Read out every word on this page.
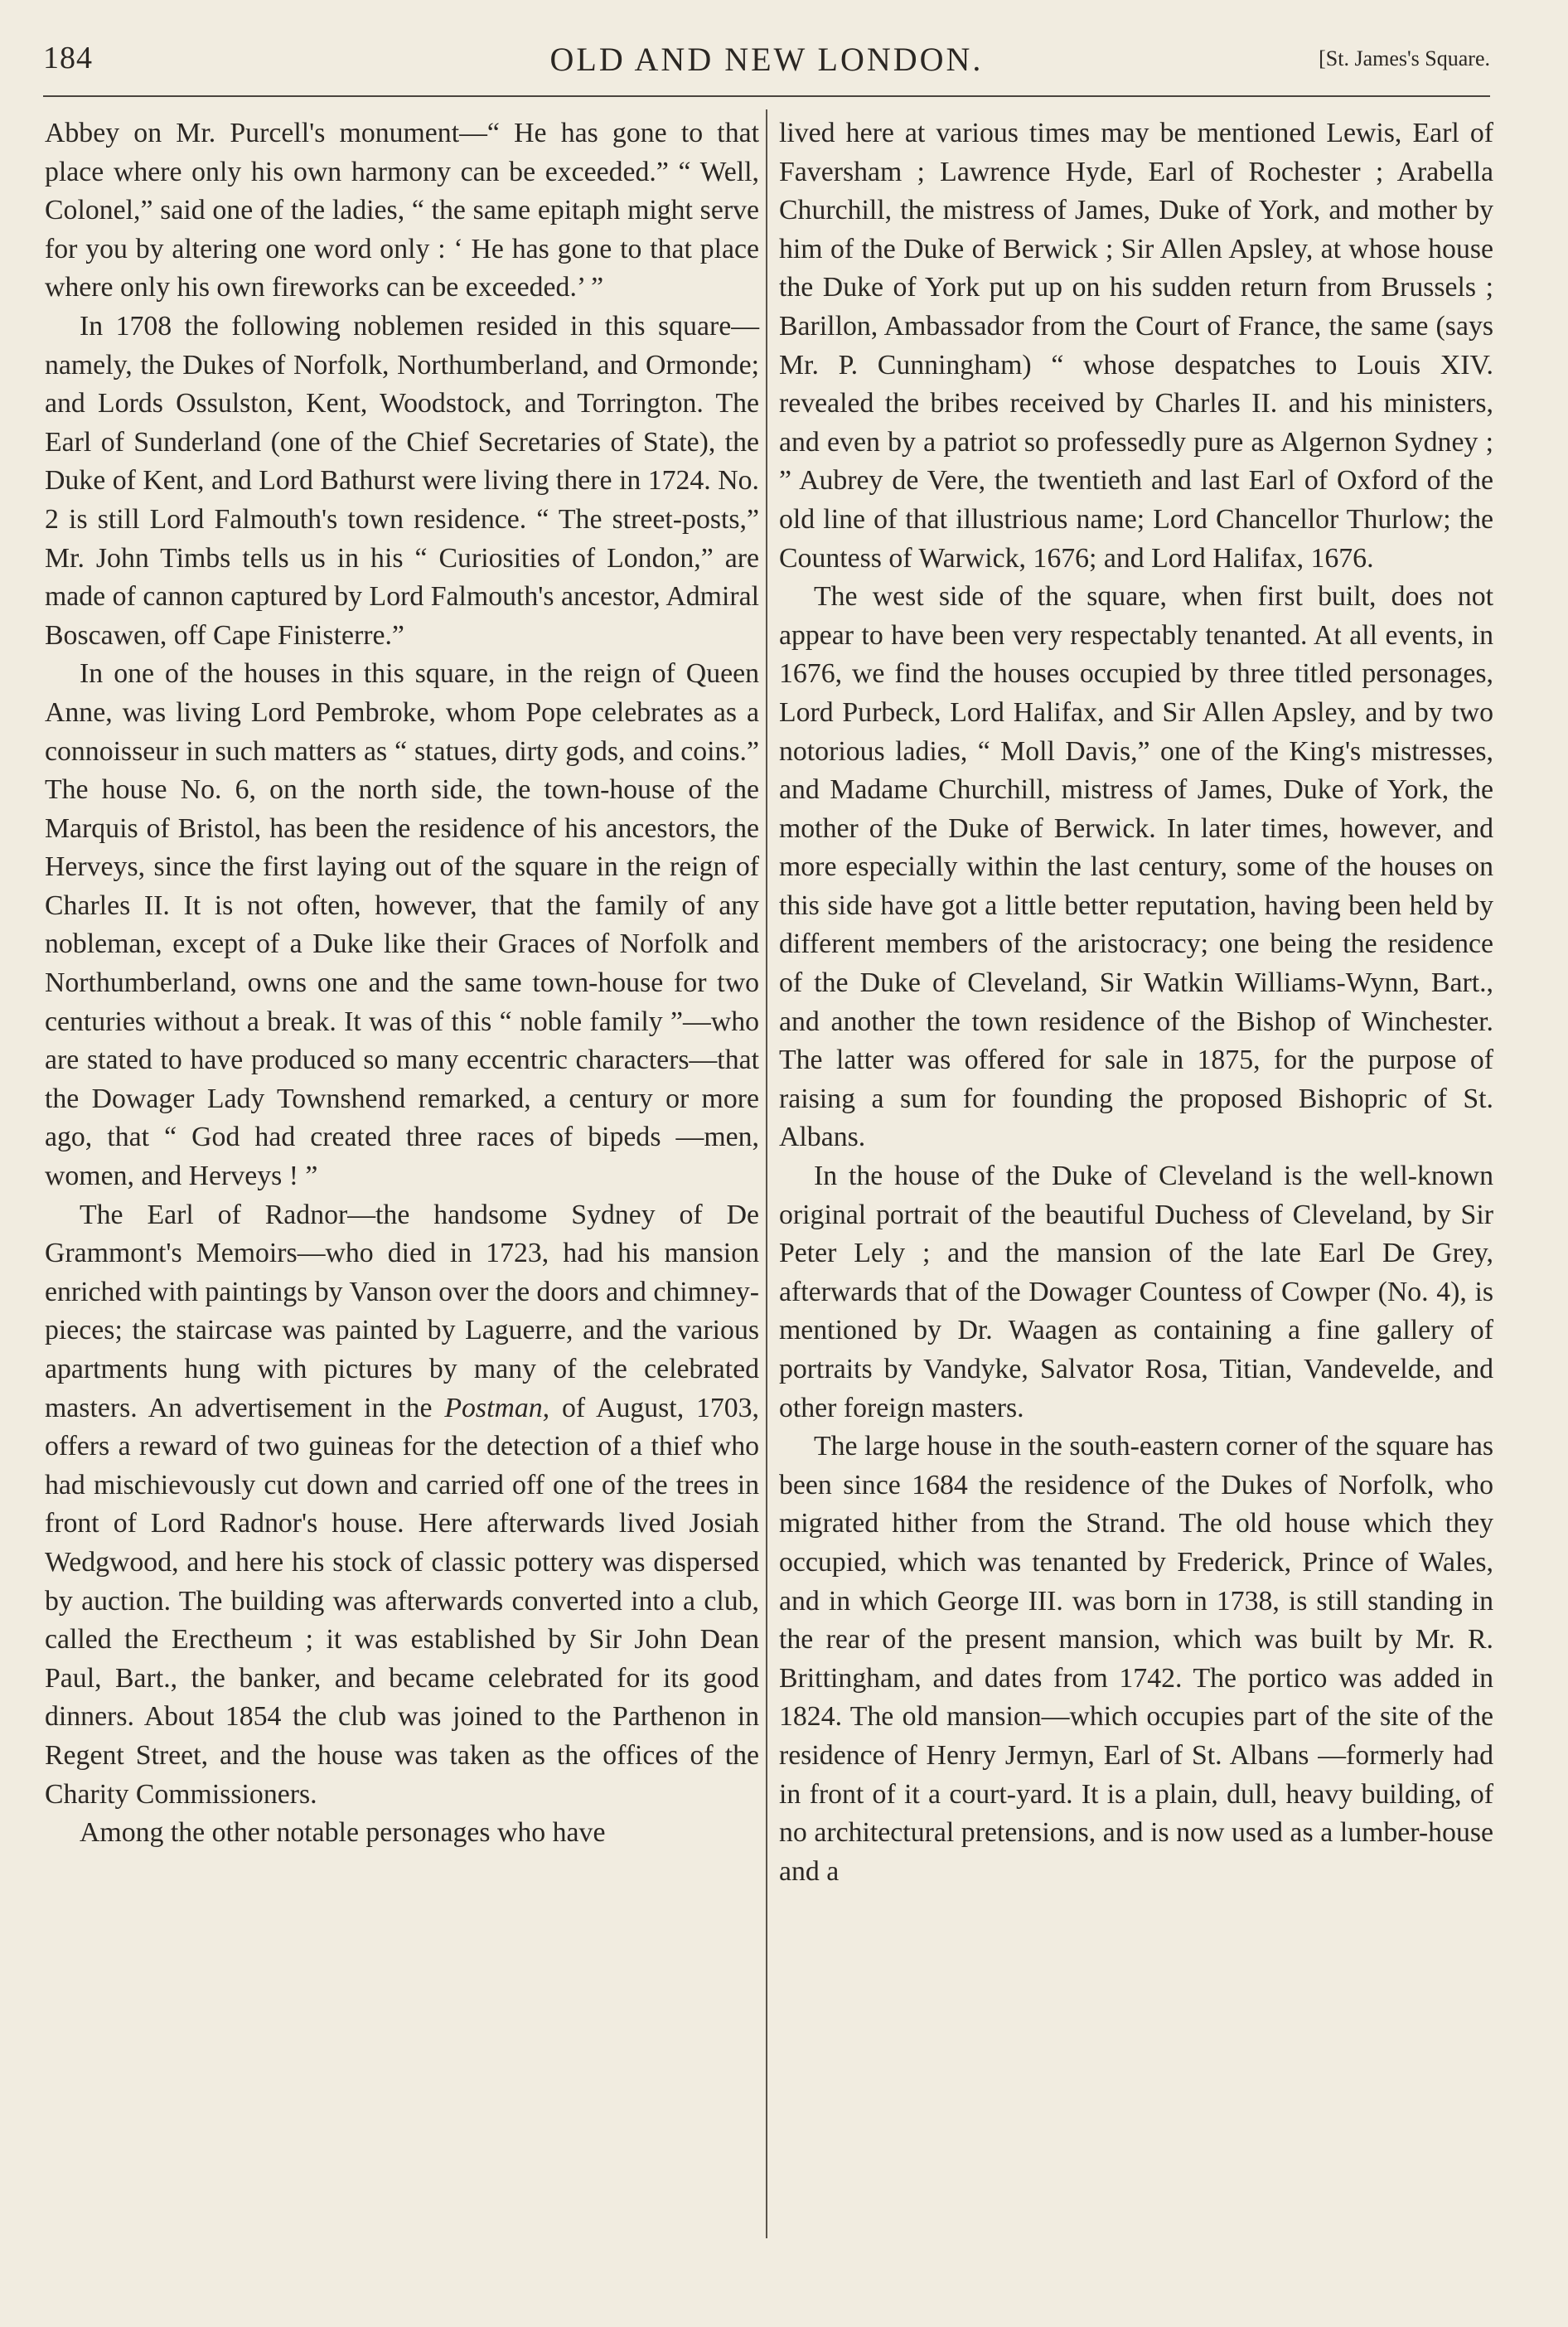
184	OLD AND NEW LONDON.	[St. James's Square.

Abbey on Mr. Purcell's monument—“ He has gone to that place where only his own harmony can be exceeded.” “ Well, Colonel,” said one of the ladies, “ the same epitaph might serve for you by altering one word only : ‘ He has gone to that place where only his own fireworks can be exceeded.’ ”

In 1708 the following noblemen resided in this square—namely, the Dukes of Norfolk, Northumberland, and Ormonde; and Lords Ossulston, Kent, Woodstock, and Torrington. The Earl of Sunderland (one of the Chief Secretaries of State), the Duke of Kent, and Lord Bathurst were living there in 1724. No. 2 is still Lord Falmouth's town residence. “ The street-posts,” Mr. John Timbs tells us in his “ Curiosities of London,” are made of cannon captured by Lord Falmouth's ancestor, Admiral Boscawen, off Cape Finisterre.”

In one of the houses in this square, in the reign of Queen Anne, was living Lord Pembroke, whom Pope celebrates as a connoisseur in such matters as “ statues, dirty gods, and coins.” The house No. 6, on the north side, the town-house of the Marquis of Bristol, has been the residence of his ancestors, the Herveys, since the first laying out of the square in the reign of Charles II. It is not often, however, that the family of any nobleman, except of a Duke like their Graces of Norfolk and Northumberland, owns one and the same town-house for two centuries without a break. It was of this “ noble family ”—who are stated to have produced so many eccentric characters—that the Dowager Lady Townshend remarked, a century or more ago, that “ God had created three races of bipeds —men, women, and Herveys ! ”

The Earl of Radnor—the handsome Sydney of De Grammont's Memoirs—who died in 1723, had his mansion enriched with paintings by Vanson over the doors and chimney-pieces; the staircase was painted by Laguerre, and the various apartments hung with pictures by many of the celebrated masters. An advertisement in the Postman, of August, 1703, offers a reward of two guineas for the detection of a thief who had mischievously cut down and carried off one of the trees in front of Lord Radnor's house. Here afterwards lived Josiah Wedgwood, and here his stock of classic pottery was dispersed by auction. The building was afterwards converted into a club, called the Erectheum ; it was established by Sir John Dean Paul, Bart., the banker, and became celebrated for its good dinners. About 1854 the club was joined to the Parthenon in Regent Street, and the house was taken as the offices of the Charity Commissioners.

Among the other notable personages who have

lived here at various times may be mentioned Lewis, Earl of Faversham ; Lawrence Hyde, Earl of Rochester ; Arabella Churchill, the mistress of James, Duke of York, and mother by him of the Duke of Berwick ; Sir Allen Apsley, at whose house the Duke of York put up on his sudden return from Brussels ; Barillon, Ambassador from the Court of France, the same (says Mr. P. Cunningham) “ whose despatches to Louis XIV. revealed the bribes received by Charles II. and his ministers, and even by a patriot so professedly pure as Algernon Sydney ; ” Aubrey de Vere, the twentieth and last Earl of Oxford of the old line of that illustrious name; Lord Chancellor Thurlow; the Countess of Warwick, 1676; and Lord Halifax, 1676.

The west side of the square, when first built, does not appear to have been very respectably tenanted. At all events, in 1676, we find the houses occupied by three titled personages, Lord Purbeck, Lord Halifax, and Sir Allen Apsley, and by two notorious ladies, “ Moll Davis,” one of the King's mistresses, and Madame Churchill, mistress of James, Duke of York, the mother of the Duke of Berwick. In later times, however, and more especially within the last century, some of the houses on this side have got a little better reputation, having been held by different members of the aristocracy; one being the residence of the Duke of Cleveland, Sir Watkin Williams-Wynn, Bart., and another the town residence of the Bishop of Winchester. The latter was offered for sale in 1875, for the purpose of raising a sum for founding the proposed Bishopric of St. Albans.

In the house of the Duke of Cleveland is the well-known original portrait of the beautiful Duchess of Cleveland, by Sir Peter Lely ; and the mansion of the late Earl De Grey, afterwards that of the Dowager Countess of Cowper (No. 4), is mentioned by Dr. Waagen as containing a fine gallery of portraits by Vandyke, Salvator Rosa, Titian, Vandevelde, and other foreign masters.

The large house in the south-eastern corner of the square has been since 1684 the residence of the Dukes of Norfolk, who migrated hither from the Strand. The old house which they occupied, which was tenanted by Frederick, Prince of Wales, and in which George III. was born in 1738, is still standing in the rear of the present mansion, which was built by Mr. R. Brittingham, and dates from 1742. The portico was added in 1824. The old mansion—which occupies part of the site of the residence of Henry Jermyn, Earl of St. Albans —formerly had in front of it a court-yard. It is a plain, dull, heavy building, of no architectural pretensions, and is now used as a lumber-house and a
